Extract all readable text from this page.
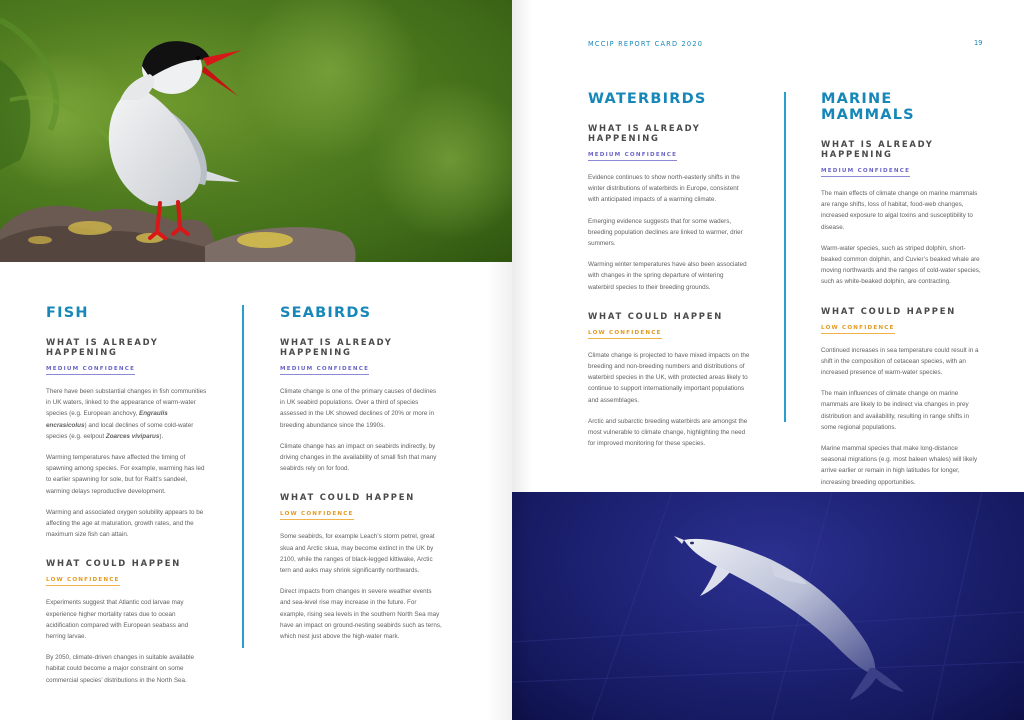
MCCIP REPORT CARD 2020	19
FISH
WHAT IS ALREADY HAPPENING
MEDIUM CONFIDENCE

There have been substantial changes in fish communities in UK waters, linked to the appearance of warm-water species (e.g. European anchovy, Engraulis encrasicolus) and local declines of some cold-water species (e.g. eelpout Zoarces viviparus).

Warming temperatures have affected the timing of spawning among species. For example, warming has led to earlier spawning for sole, but for Raitt’s sandeel, warming delays reproductive development.

Warming and associated oxygen solubility appears to be affecting the age at maturation, growth rates, and the maximum size fish can attain.

WHAT COULD HAPPEN
LOW CONFIDENCE

Experiments suggest that Atlantic cod larvae may experience higher mortality rates due to ocean acidification compared with European seabass and herring larvae.

By 2050, climate-driven changes in suitable available habitat could become a major constraint on some commercial species’ distributions in the North Sea.

SEABIRDS
WHAT IS ALREADY HAPPENING
MEDIUM CONFIDENCE

Climate change is one of the primary causes of declines in UK seabird populations. Over a third of species assessed in the UK showed declines of 20% or more in breeding abundance since the 1990s.

Climate change has an impact on seabirds indirectly, by driving changes in the availability of small fish that many seabirds rely on for food.

WHAT COULD HAPPEN
LOW CONFIDENCE

Some seabirds, for example Leach’s storm petrel, great skua and Arctic skua, may become extinct in the UK by 2100, while the ranges of black-legged kittiwake, Arctic tern and auks may shrink significantly northwards.

Direct impacts from changes in severe weather events and sea-level rise may increase in the future. For example, rising sea levels in the southern North Sea may have an impact on ground-nesting seabirds such as terns, which nest just above the high-water mark.

WATERBIRDS
WHAT IS ALREADY HAPPENING
MEDIUM CONFIDENCE

Evidence continues to show north-easterly shifts in the winter distributions of waterbirds in Europe, consistent with anticipated impacts of a warming climate.

Emerging evidence suggests that for some waders, breeding population declines are linked to warmer, drier summers.

Warming winter temperatures have also been associated with changes in the spring departure of wintering waterbird species to their breeding grounds.

WHAT COULD HAPPEN
LOW CONFIDENCE

Climate change is projected to have mixed impacts on the breeding and non-breeding numbers and distributions of waterbird species in the UK, with protected areas likely to continue to support internationally important populations and assemblages.

Arctic and subarctic breeding waterbirds are amongst the most vulnerable to climate change, highlighting the need for improved monitoring for these species.

MARINE MAMMALS
WHAT IS ALREADY HAPPENING
MEDIUM CONFIDENCE

The main effects of climate change on marine mammals are range shifts, loss of habitat, food-web changes, increased exposure to algal toxins and susceptibility to disease.

Warm-water species, such as striped dolphin, short-beaked common dolphin, and Cuvier’s beaked whale are moving northwards and the ranges of cold-water species, such as white-beaked dolphin, are contracting.

WHAT COULD HAPPEN
LOW CONFIDENCE

Continued increases in sea temperature could result in a shift in the composition of cetacean species, with an increased presence of warm-water species.

The main influences of climate change on marine mammals are likely to be indirect via changes in prey distribution and availability, resulting in range shifts in some regional populations.

Marine mammal species that make long-distance seasonal migrations (e.g. most baleen whales) will likely arrive earlier or remain in high latitudes for longer, increasing breeding opportunities.
